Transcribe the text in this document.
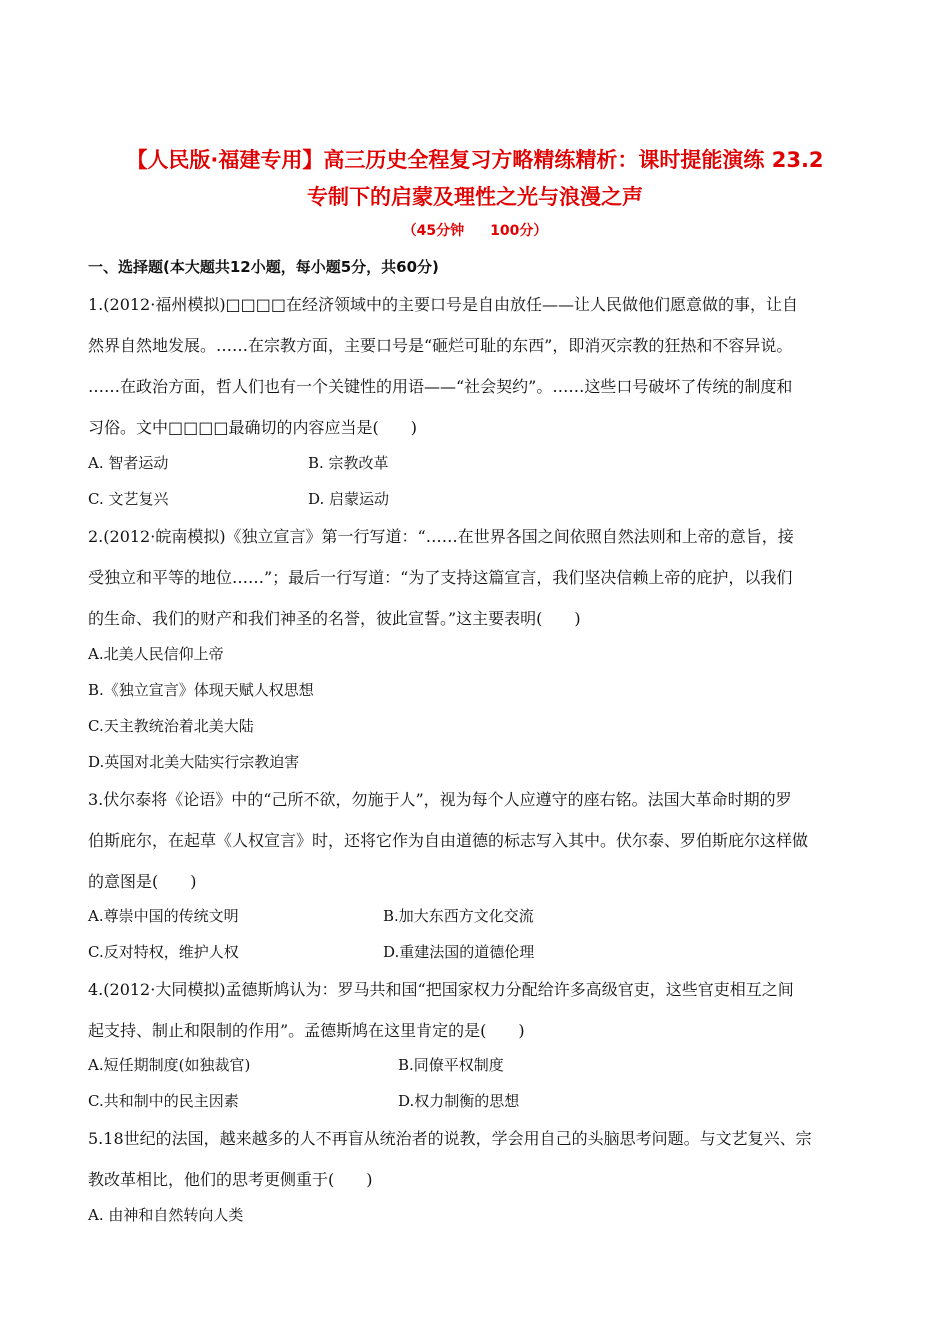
【人民版·福建专用】高三历史全程复习方略精练精析：课时提能演练 23.2
专制下的启蒙及理性之光与浪漫之声
（45分钟 100分）
一、选择题(本大题共12小题，每小题5分，共60分)
1.(2012·福州模拟)□□□□在经济领域中的主要口号是自由放任——让人民做他们愿意做的事，让自
然界自然地发展。……在宗教方面，主要口号是“砸烂可耻的东西”，即消灭宗教的狂热和不容异说。
……在政治方面，哲人们也有一个关键性的用语——“社会契约”。……这些口号破坏了传统的制度和
习俗。文中□□□□最确切的内容应当是(　　)
A. 智者运动	B. 宗教改革
C. 文艺复兴	D. 启蒙运动
2.(2012·皖南模拟)《独立宣言》第一行写道：“……在世界各国之间依照自然法则和上帝的意旨，接
受独立和平等的地位……”；最后一行写道：“为了支持这篇宣言，我们坚决信赖上帝的庇护，以我们
的生命、我们的财产和我们神圣的名誉，彼此宣誓。”这主要表明(　　)
A.北美人民信仰上帝
B.《独立宣言》体现天赋人权思想
C.天主教统治着北美大陆
D.英国对北美大陆实行宗教迫害
3.伏尔泰将《论语》中的“己所不欲，勿施于人”，视为每个人应遵守的座右铭。法国大革命时期的罗
伯斯庇尔，在起草《人权宣言》时，还将它作为自由道德的标志写入其中。伏尔泰、罗伯斯庇尔这样做
的意图是(　　)
A.尊崇中国的传统文明	B.加大东西方文化交流
C.反对特权，维护人权	D.重建法国的道德伦理
4.(2012·大同模拟)孟德斯鸠认为：罗马共和国“把国家权力分配给许多高级官吏，这些官吏相互之间
起支持、制止和限制的作用”。孟德斯鸠在这里肯定的是(　　)
A.短任期制度(如独裁官)	B.同僚平权制度
C.共和制中的民主因素	D.权力制衡的思想
5.18世纪的法国，越来越多的人不再盲从统治者的说教，学会用自己的头脑思考问题。与文艺复兴、宗
教改革相比，他们的思考更侧重于(　　)
A. 由神和自然转向人类
